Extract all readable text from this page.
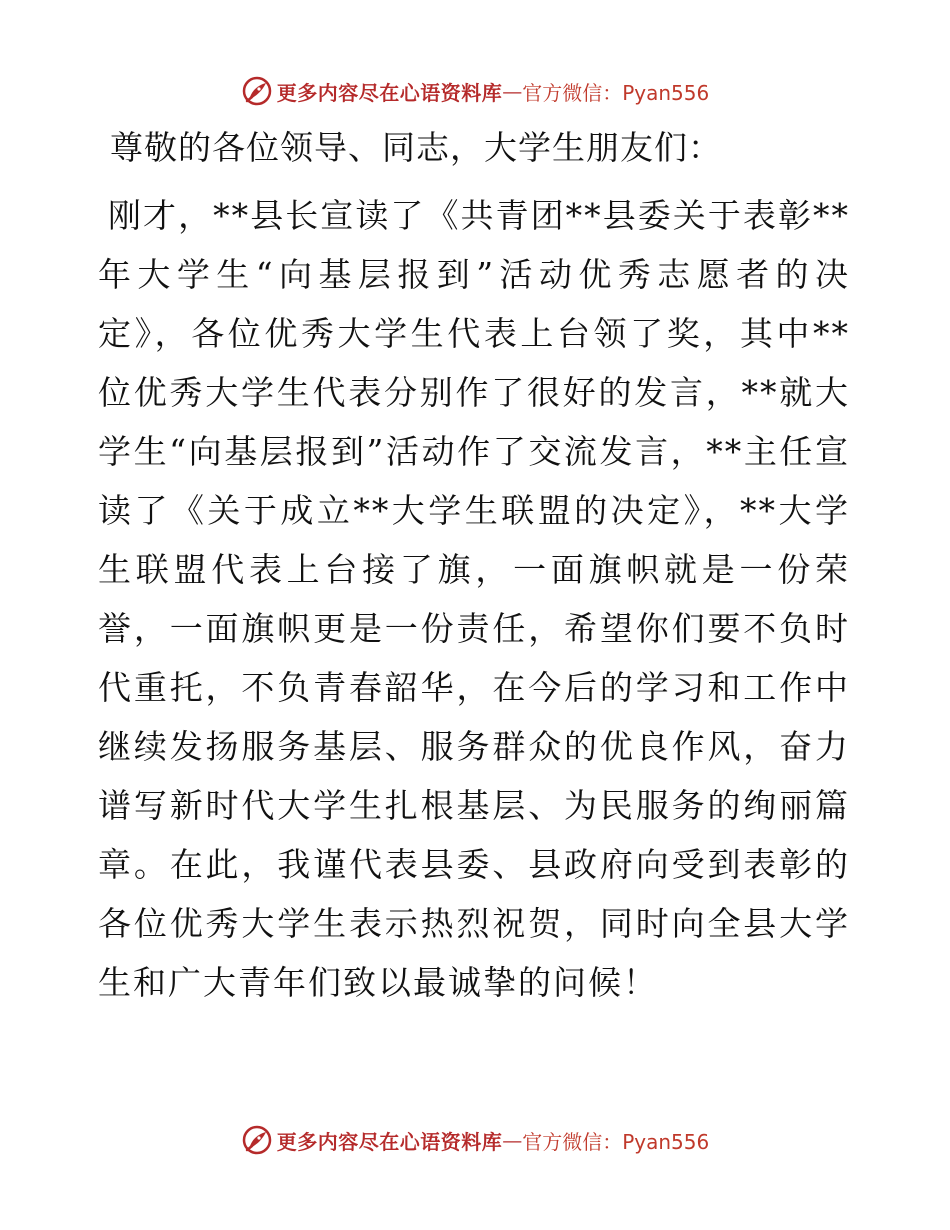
更多内容尽在心语资料库 — 官方微信：Pyan556

尊敬的各位领导、同志，大学生朋友们：

刚才，**县长宣读了《共青团**县委关于表彰**年大学生“向基层报到”活动优秀志愿者的决定》，各位优秀大学生代表上台领了奖，其中**位优秀大学生代表分别作了很好的发言，**就大学生“向基层报到”活动作了交流发言，**主任宣读了《关于成立**大学生联盟的决定》，**大学生联盟代表上台接了旗，一面旗帜就是一份荣誉，一面旗帜更是一份责任，希望你们要不负时代重托，不负青春韶华，在今后的学习和工作中继续发扬服务基层、服务群众的优良作风，奋力谱写新时代大学生扎根基层、为民服务的绚丽篇章。在此，我谨代表县委、县政府向受到表彰的各位优秀大学生表示热烈祝贺，同时向全县大学生和广大青年们致以最诚挚的问候！

更多内容尽在心语资料库 — 官方微信：Pyan556
